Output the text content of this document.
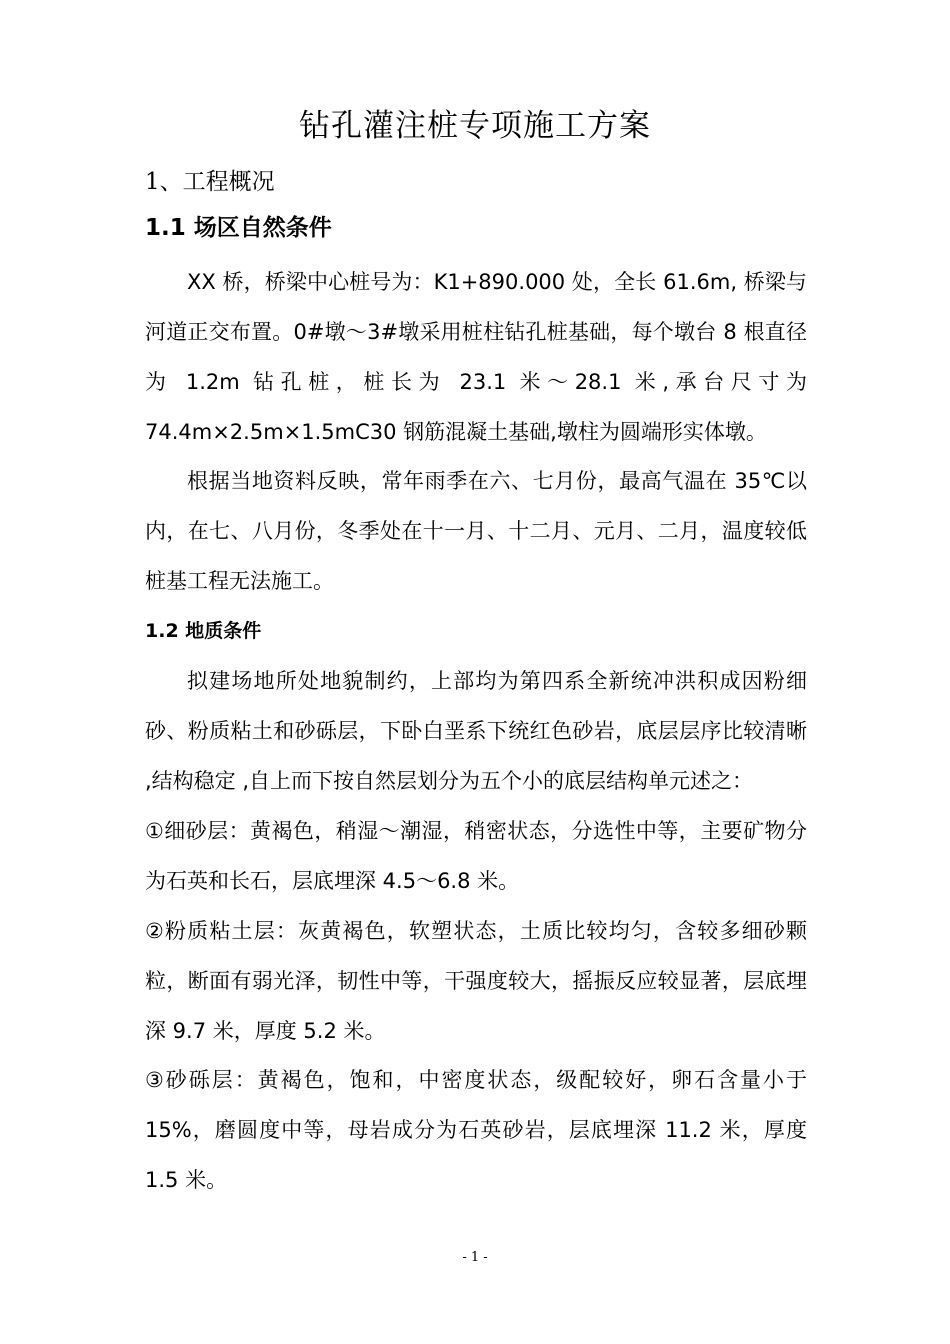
钻孔灌注桩专项施工方案
1、工程概况
1.1 场区自然条件

XX 桥，桥梁中心桩号为：K1+890.000 处，全长 61.6m, 桥梁与河道正交布置。0#墩～3#墩采用桩柱钻孔桩基础，每个墩台 8 根直径为 1.2m 钻孔桩，桩长为 23.1 米～28.1 米,承台尺寸为 74.4m×2.5m×1.5mC30 钢筋混凝土基础,墩柱为圆端形实体墩。

根据当地资料反映，常年雨季在六、七月份，最高气温在 35℃以内，在七、八月份，冬季处在十一月、十二月、元月、二月，温度较低桩基工程无法施工。

1.2 地质条件

拟建场地所处地貌制约，上部均为第四系全新统冲洪积成因粉细砂、粉质粘土和砂砾层，下卧白垩系下统红色砂岩，底层层序比较清晰 ,结构稳定 ,自上而下按自然层划分为五个小的底层结构单元述之：

①细砂层：黄褐色，稍湿～潮湿，稍密状态，分选性中等，主要矿物分为石英和长石，层底埋深 4.5～6.8 米。

②粉质粘土层：灰黄褐色，软塑状态，土质比较均匀，含较多细砂颗粒，断面有弱光泽，韧性中等，干强度较大，摇振反应较显著，层底埋深 9.7 米，厚度 5.2 米。

③砂砾层：黄褐色，饱和，中密度状态，级配较好，卵石含量小于 15%，磨圆度中等，母岩成分为石英砂岩，层底埋深 11.2 米，厚度 1.5 米。

- 1 -
